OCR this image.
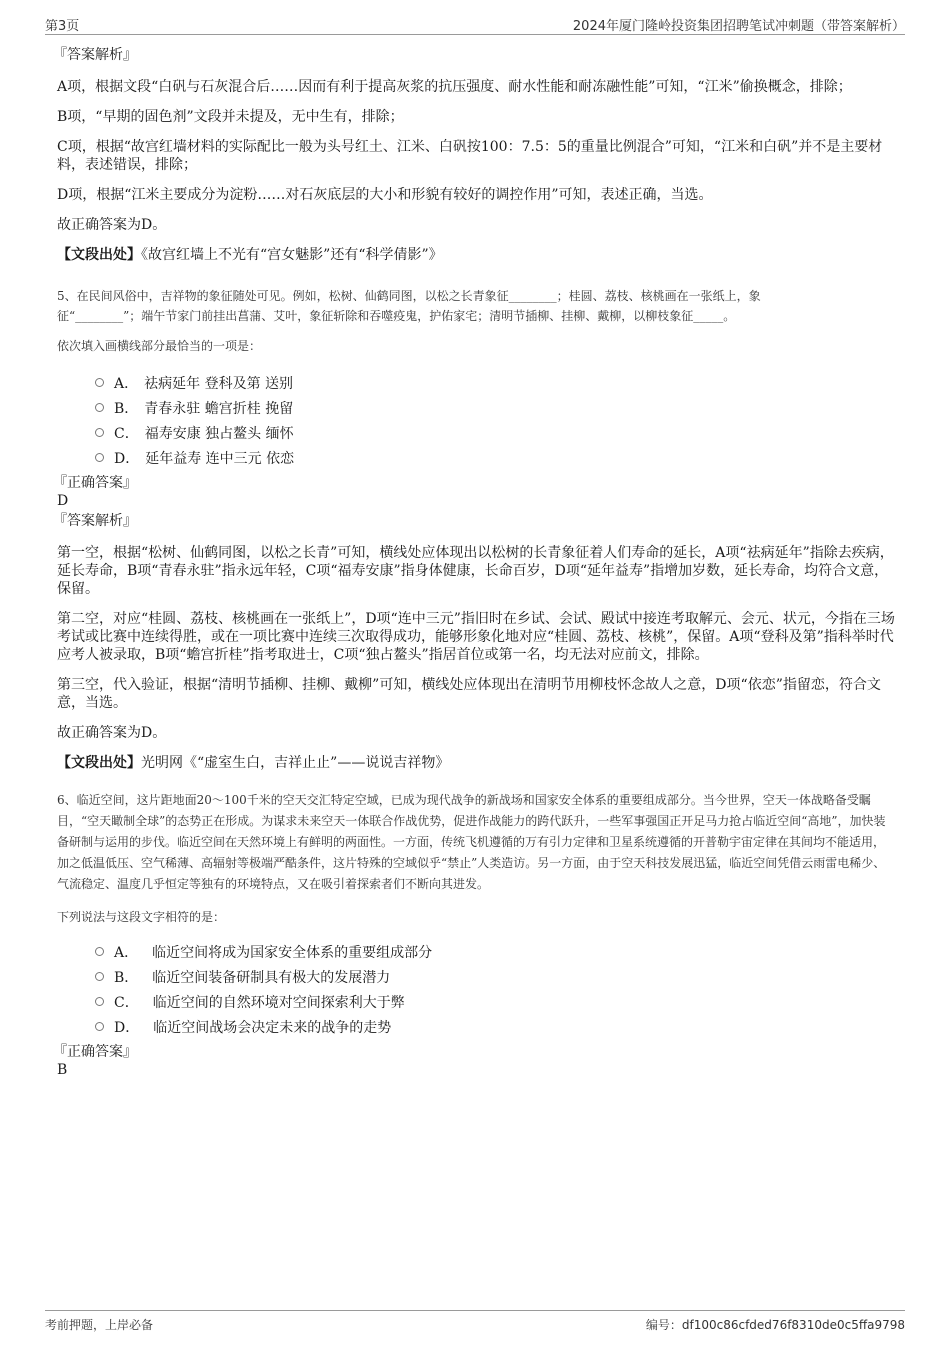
第3页	2024年厦门隆岭投资集团招聘笔试冲刺题（带答案解析）
『答案解析』

A项，根据文段“白矾与石灰混合后……因而有利于提高灰浆的抗压强度、耐水性能和耐冻融性能”可知，“江米”偷换概念，排除；

B项，“早期的固色剂”文段并未提及，无中生有，排除；

C项，根据“故宫红墙材料的实际配比一般为头号红土、江米、白矾按100：7.5：5的重量比例混合”可知，“江米和白矾”并不是主要材料，表述错误，排除；

D项，根据“江米主要成分为淀粉……对石灰底层的大小和形貌有较好的调控作用”可知，表述正确，当选。

故正确答案为D。

【文段出处】《故宫红墙上不光有“宫女魅影”还有“科学倩影”》

5、在民间风俗中，吉祥物的象征随处可见。例如，松树、仙鹤同图，以松之长青象征________；桂圆、荔枝、核桃画在一张纸上，象
征“________”；端午节家门前挂出菖蒲、艾叶，象征斩除和吞噬疫鬼，护佑家宅；清明节插柳、挂柳、戴柳，以柳枝象征_____。
依次填入画横线部分最恰当的一项是：
A． 祛病延年 登科及第 送别
B． 青春永驻 蟾宫折桂 挽留
C． 福寿安康 独占鳌头 缅怀
D． 延年益寿 连中三元 依恋
『正确答案』
D
『答案解析』

第一空，根据“松树、仙鹤同图，以松之长青”可知，横线处应体现出以松树的长青象征着人们寿命的延长，A项“祛病延年”指除去疾病，延长寿命，B项“青春永驻”指永远年轻，C项“福寿安康”指身体健康，长命百岁，D项“延年益寿”指增加岁数，延长寿命，均符合文意，保留。

第二空，对应“桂圆、荔枝、核桃画在一张纸上”，D项“连中三元”指旧时在乡试、会试、殿试中接连考取解元、会元、状元，今指在三场考试或比赛中连续得胜，或在一项比赛中连续三次取得成功，能够形象化地对应“桂圆、荔枝、核桃”，保留。A项“登科及第”指科举时代应考人被录取，B项“蟾宫折桂”指考取进士，C项“独占鳌头”指居首位或第一名，均无法对应前文，排除。

第三空，代入验证，根据“清明节插柳、挂柳、戴柳”可知，横线处应体现出在清明节用柳枝怀念故人之意，D项“依恋”指留恋，符合文意，当选。

故正确答案为D。

【文段出处】光明网《“虚室生白，吉祥止止”——说说吉祥物》

6、临近空间，这片距地面20～100千米的空天交汇特定空域，已成为现代战争的新战场和国家安全体系的重要组成部分。当今世界，空天一体战略备受瞩目，“空天瞰制全球”的态势正在形成。为谋求未来空天一体联合作战优势，促进作战能力的跨代跃升，一些军事强国正开足马力抢占临近空间“高地”，加快装备研制与运用的步伐。临近空间在天然环境上有鲜明的两面性。一方面，传统飞机遵循的万有引力定律和卫星系统遵循的开普勒宇宙定律在其间均不能适用，加之低温低压、空气稀薄、高辐射等极端严酷条件，这片特殊的空域似乎“禁止”人类造访。另一方面，由于空天科技发展迅猛，临近空间凭借云雨雷电稀少、气流稳定、温度几乎恒定等独有的环境特点，又在吸引着探索者们不断向其进发。
下列说法与这段文字相符的是：
A． 临近空间将成为国家安全体系的重要组成部分
B． 临近空间装备研制具有极大的发展潜力
C． 临近空间的自然环境对空间探索利大于弊
D． 临近空间战场会决定未来的战争的走势
『正确答案』
B
考前押题，上岸必备	编号：df100c86cfded76f8310de0c5ffa9798
